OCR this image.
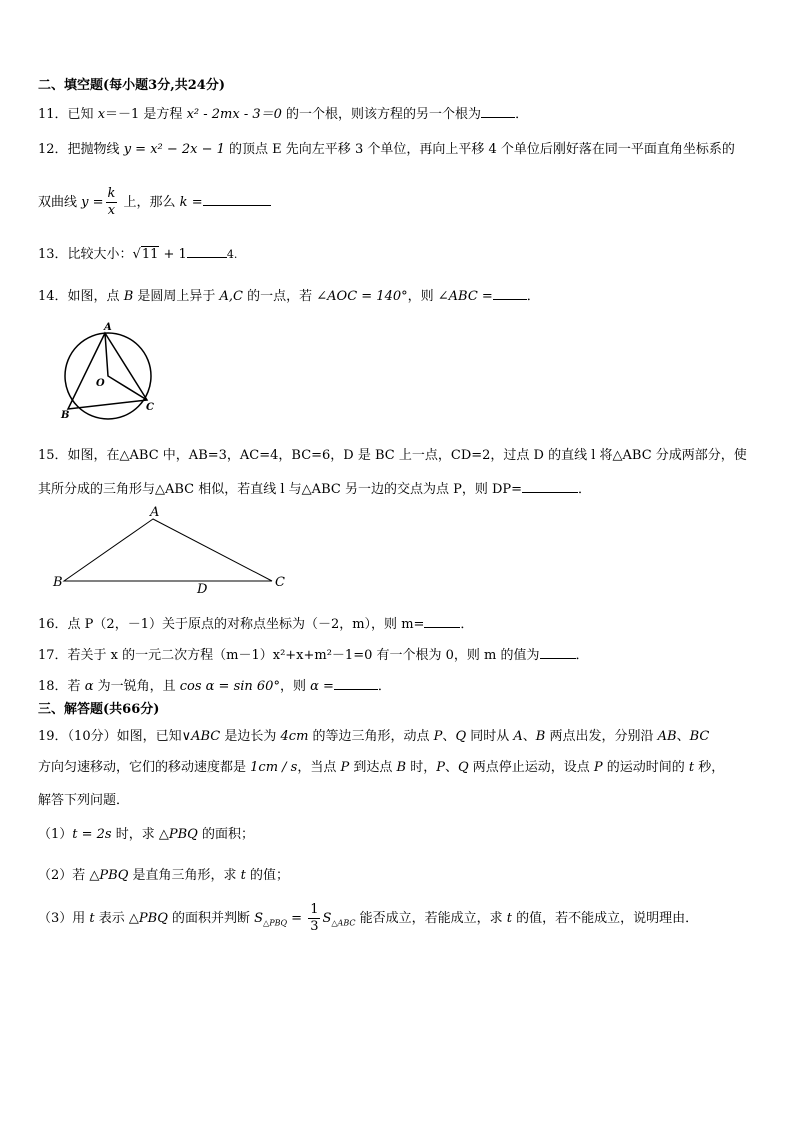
二、填空题(每小题3分,共24分)
11．已知 x＝－1 是方程 x² - 2mx - 3＝0 的一个根，则该方程的另一个根为	．
12．把抛物线 y = x² − 2x − 1 的顶点 E 先向左平移 3 个单位，再向上平移 4 个单位后刚好落在同一平面直角坐标系的
双曲线 $y = \frac{k}{x}$ 上，那么 k =
13．比较大小：√11 + 1	4.
14．如图，点 B 是圆周上异于 A,C 的一点，若 ∠AOC = 140°，则 ∠ABC =	．
A
O
B
C
15．如图，在△ABC 中，AB=3，AC=4，BC=6，D 是 BC 上一点，CD=2，过点 D 的直线 l 将△ABC 分成两部分，使
其所分成的三角形与△ABC 相似，若直线 l 与△ABC 另一边的交点为点 P，则 DP=	．
A
B	C
D
16．点 P（2，－1）关于原点的对称点坐标为（－2，m），则 m=	．
17．若关于 x 的一元二次方程（m－1）x²+x+m²－1=0 有一个根为 0，则 m 的值为	．
18．若 α 为一锐角，且 cos α = sin 60°，则 α =	．
三、解答题(共66分)
19．（10分）如图，已知∨ABC 是边长为 4cm 的等边三角形，动点 P、Q 同时从 A、B 两点出发，分别沿 AB、BC
方向匀速移动，它们的移动速度都是 1cm / s，当点 P 到达点 B 时，P、Q 两点停止运动，设点 P 的运动时间的 t 秒，
解答下列问题．
（1）t = 2s 时，求 △PBQ 的面积；
（2）若 △PBQ 是直角三角形，求 t 的值；
（3）用 t 表示 △PBQ 的面积并判断 $S_{\triangle PBQ} = \frac{1}{3} S_{\triangle ABC}$ 能否成立，若能成立，求 t 的值，若不能成立，说明理由．
